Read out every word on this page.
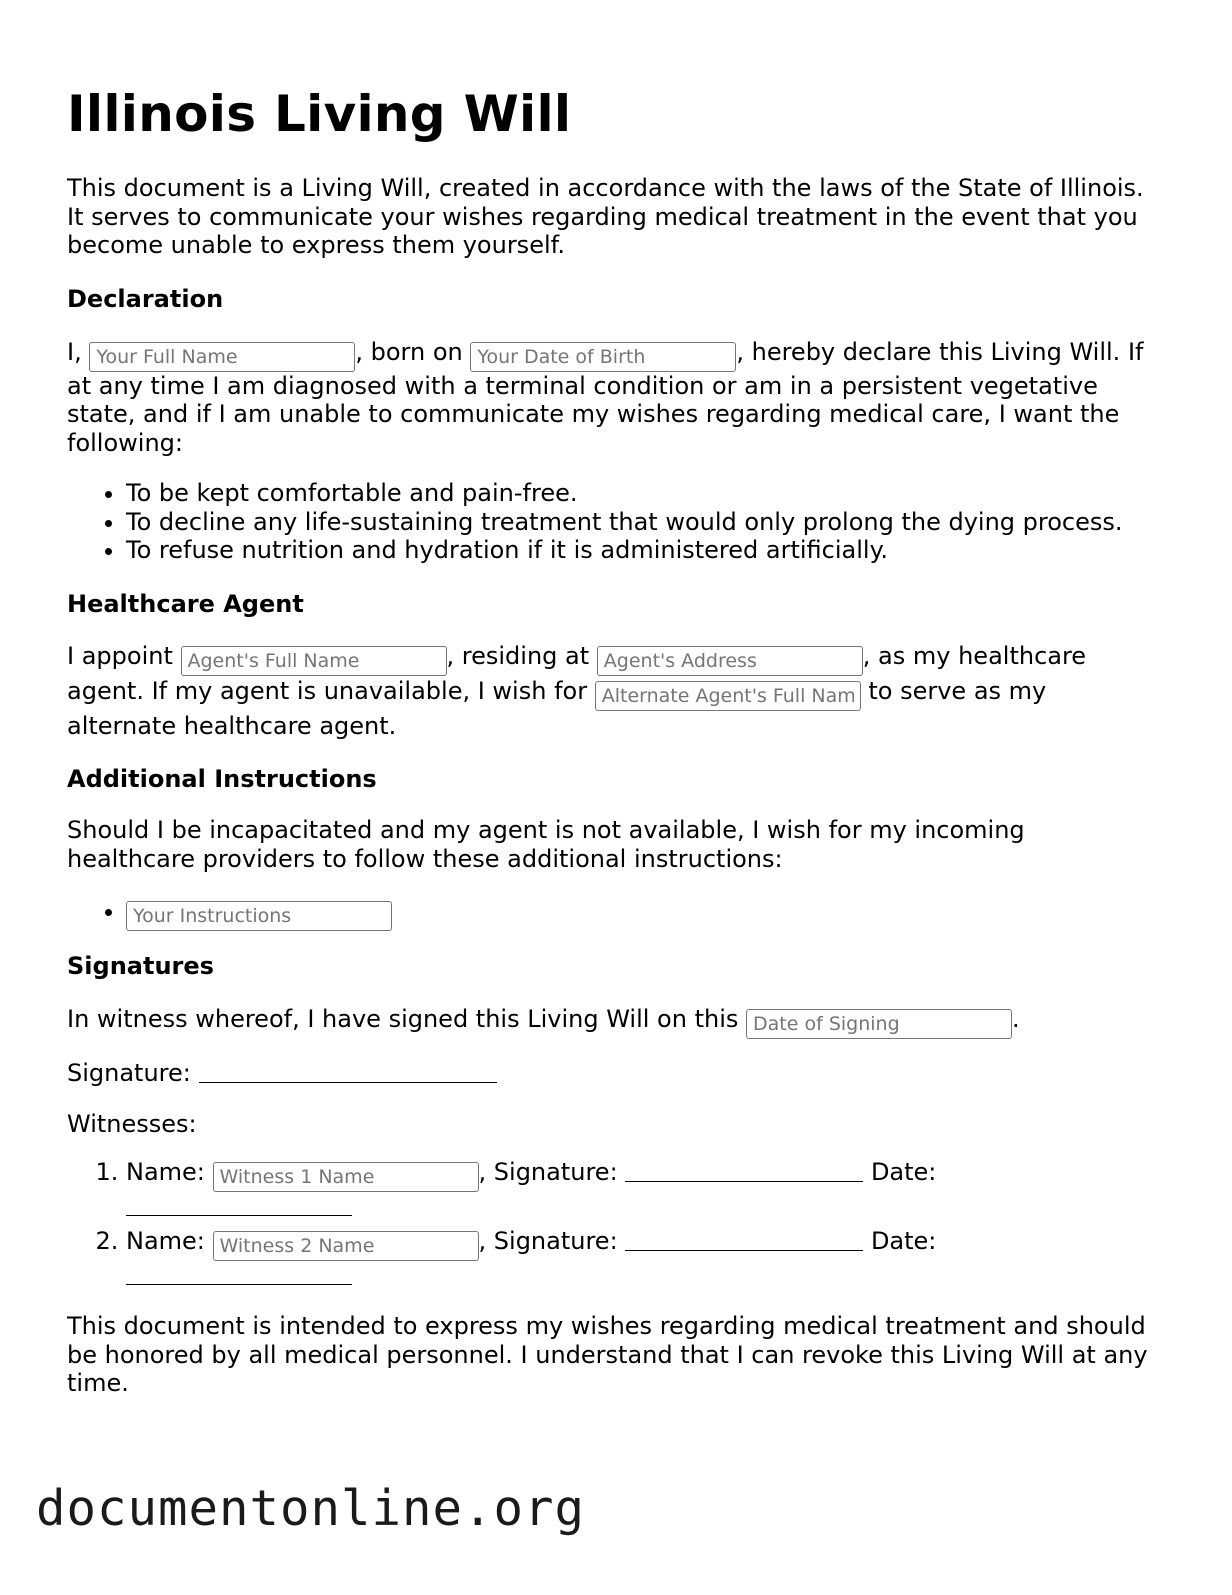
Illinois Living Will

This document is a Living Will, created in accordance with the laws of the State of Illinois. It serves to communicate your wishes regarding medical treatment in the event that you become unable to express them yourself.

Declaration

I, Your Full Name	, born on Your Date of Birth	, hereby declare this Living Will. If at any time I am diagnosed with a terminal condition or am in a persistent vegetative state, and if I am unable to communicate my wishes regarding medical care, I want the following:

• To be kept comfortable and pain-free.
• To decline any life-sustaining treatment that would only prolong the dying process.
• To refuse nutrition and hydration if it is administered artificially.
Healthcare Agent

I appoint Agent's Full Name	, residing at Agent's Address	, as my healthcare agent. If my agent is unavailable, I wish for Alternate Agent's Full Name	to serve as my alternate healthcare agent.

Additional Instructions

Should I be incapacitated and my agent is not available, I wish for my incoming healthcare providers to follow these additional instructions:

• Your Instructions
Signatures

In witness whereof, I have signed this Living Will on this Date of Signing	.

Signature:

Witnesses:

1. Name: Witness 1 Name	, Signature:	Date:
2. Name: Witness 2 Name	, Signature:	Date:

This document is intended to express my wishes regarding medical treatment and should be honored by all medical personnel. I understand that I can revoke this Living Will at any time.

documentonline.org
